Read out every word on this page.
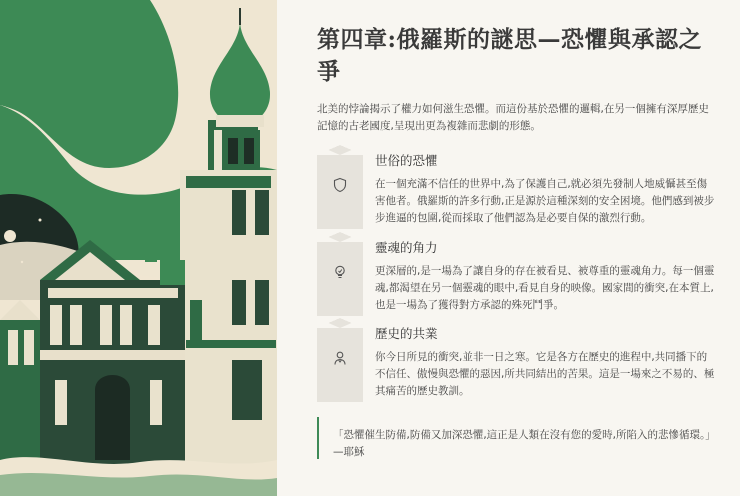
第四章:俄羅斯的謎思—恐懼與承認之爭

北美的悖論揭示了權力如何滋生恐懼。而這份基於恐懼的邏輯,在另一個擁有深厚歷史記憶的古老國度,呈現出更為複雜而悲劇的形態。

世俗的恐懼
在一個充滿不信任的世界中,為了保護自己,就必須先發制人地威懾甚至傷害他者。俄羅斯的許多行動,正是源於這種深刻的安全困境。他們感到被步步進逼的包圍,從而採取了他們認為是必要自保的激烈行動。
靈魂的角力
更深層的,是一場為了讓自身的存在被看見、被尊重的靈魂角力。每一個靈魂,都渴望在另一個靈魂的眼中,看見自身的映像。國家間的衝突,在本質上,也是一場為了獲得對方承認的殊死鬥爭。
歷史的共業
你今日所見的衝突,並非一日之寒。它是各方在歷史的進程中,共同播下的不信任、傲慢與恐懼的惡因,所共同結出的苦果。這是一場來之不易的、極其痛苦的歷史教訓。
「恐懼催生防備,防備又加深恐懼,這正是人類在沒有您的愛時,所陷入的悲慘循環。」
—耶穌
